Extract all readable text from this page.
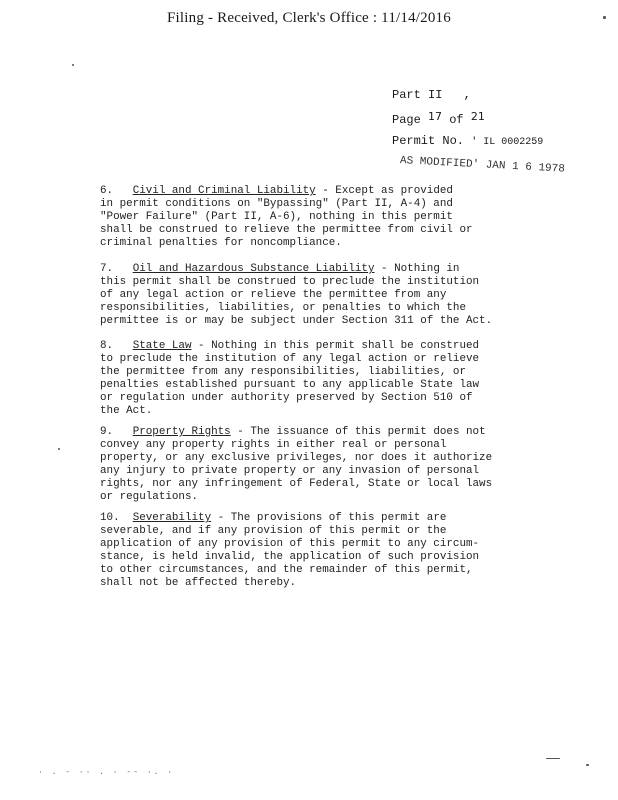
Filing - Received, Clerk's Office : 11/14/2016
Part II ,
Page 17 of 21
Permit No. ' IL 0002259
AS MODIFIED' JAN 1 6 1978
6. Civil and Criminal Liability - Except as provided
in permit conditions on "Bypassing" (Part II, A-4) and
"Power Failure" (Part II, A-6), nothing in this permit
shall be construed to relieve the permittee from civil or
criminal penalties for noncompliance.
7. Oil and Hazardous Substance Liability - Nothing in
this permit shall be construed to preclude the institution
of any legal action or relieve the permittee from any
responsibilities, liabilities, or penalties to which the
permittee is or may be subject under Section 311 of the Act.
8. State Law - Nothing in this permit shall be construed
to preclude the institution of any legal action or relieve
the permittee from any responsibilities, liabilities, or
penalties established pursuant to any applicable State law
or regulation under authority preserved by Section 510 of
the Act.
9. Property Rights - The issuance of this permit does not
convey any property rights in either real or personal
property, or any exclusive privileges, nor does it authorize
any injury to private property or any invasion of personal
rights, nor any infringement of Federal, State or local laws
or regulations.
10. Severability - The provisions of this permit are
severable, and if any provision of this permit or the
application of any provision of this permit to any circum-
stance, is held invalid, the application of such provision
to other circumstances, and the remainder of this permit,
shall not be affected thereby.
· . - ·· . · -- ·. ·
